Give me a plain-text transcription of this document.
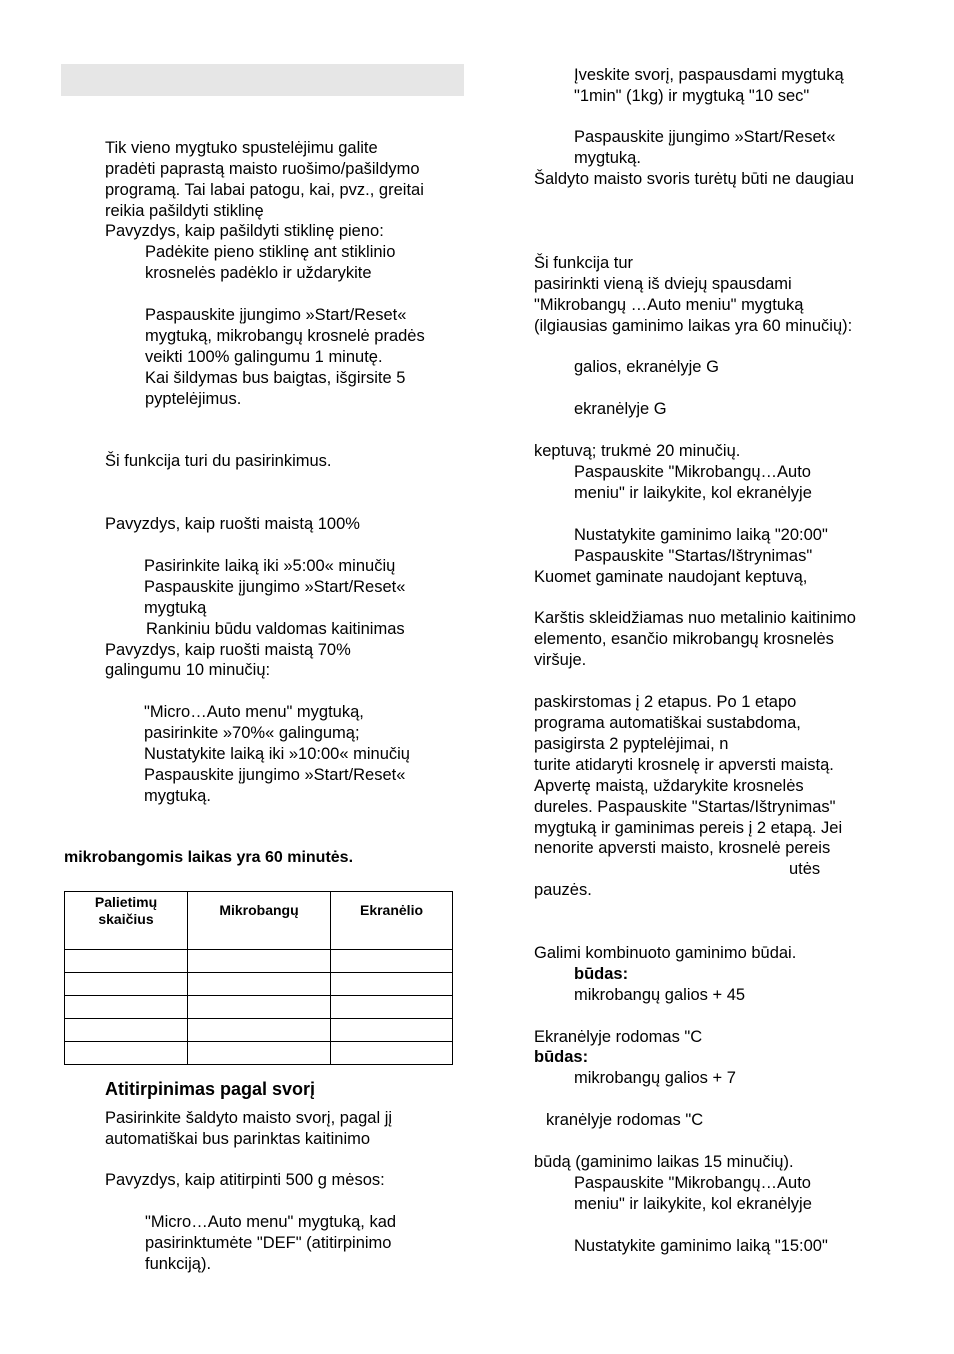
Tik vieno mygtuko spustelėjimu galite
pradėti paprastą maisto ruošimo/pašildymo
programą. Tai labai patogu, kai, pvz., greitai
reikia pašildyti stiklinę
Pavyzdys, kaip pašildyti stiklinę pieno:
Padėkite pieno stiklinę ant stiklinio
krosnelės padėklo ir uždarykite
Paspauskite įjungimo »Start/Reset«
mygtuką, mikrobangų krosnelė pradės
veikti 100% galingumu 1 minutę.
Kai šildymas bus baigtas, išgirsite 5
pyptelėjimus.
Ši funkcija turi du pasirinkimus.
Pavyzdys, kaip ruošti maistą 100%
Pasirinkite laiką iki »5:00« minučių
Paspauskite įjungimo »Start/Reset«
mygtuką
Rankiniu būdu valdomas kaitinimas
Pavyzdys, kaip ruošti maistą 70%
galingumu 10 minučių:
"Micro…Auto menu" mygtuką,
pasirinkite »70%« galingumą;
Nustatykite laiką iki »10:00« minučių
Paspauskite įjungimo »Start/Reset«
mygtuką.
mikrobangomis laikas yra 60 minutės.
Palietimų
skaičius	Mikrobangų	Ekranėlio

Atitirpinimas pagal svorį
Pasirinkite šaldyto maisto svorį, pagal jį
automatiškai bus parinktas kaitinimo
Pavyzdys, kaip atitirpinti 500 g mėsos:
"Micro…Auto menu" mygtuką, kad
pasirinktumėte "DEF" (atitirpinimo
funkciją).
Įveskite svorį, paspausdami mygtuką
"1min" (1kg) ir mygtuką "10 sec"
Paspauskite įjungimo »Start/Reset«
mygtuką.
Šaldyto maisto svoris turėtų būti ne daugiau
Ši funkcija tur
pasirinkti vieną iš dviejų spausdami
"Mikrobangų …Auto meniu" mygtuką
(ilgiausias gaminimo laikas yra 60 minučių):
galios, ekranėlyje G
ekranėlyje G
keptuvą; trukmė 20 minučių.
Paspauskite "Mikrobangų…Auto
meniu" ir laikykite, kol ekranėlyje
Nustatykite gaminimo laiką "20:00"
Paspauskite "Startas/Ištrynimas"
Kuomet gaminate naudojant keptuvą,
Karštis skleidžiamas nuo metalinio kaitinimo
elemento, esančio mikrobangų krosnelės
viršuje.
paskirstomas į 2 etapus. Po 1 etapo
programa automatiškai sustabdoma,
pasigirsta 2 pyptelėjimai, n
turite atidaryti krosnelę ir apversti maistą.
Apvertę maistą, uždarykite krosnelės
dureles. Paspauskite "Startas/Ištrynimas"
mygtuką ir gaminimas pereis į 2 etapą. Jei
nenorite apversti maisto, krosnelė pereis
utės
pauzės.
Galimi kombinuoto gaminimo būdai.
būdas:
mikrobangų galios + 45
Ekranėlyje rodomas "C
būdas:
mikrobangų galios + 7
kranėlyje rodomas "C
būdą (gaminimo laikas 15 minučių).
Paspauskite "Mikrobangų…Auto
meniu" ir laikykite, kol ekranėlyje
Nustatykite gaminimo laiką "15:00"
